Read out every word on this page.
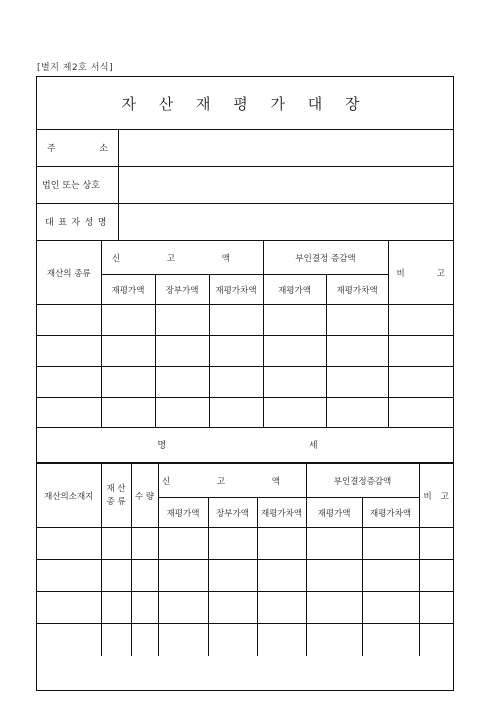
[별지 제2호 서식]
자 산 재 평 가 대 장
주	소
법인 또는 상호
대표자성명
재산의 종류	신 고 액			부인결정 증감액		비 고

	재평가액	장부가액	재평가차액	재평가액	재평가차액	

명 세
재산의소재지	재 산 종 류	수 량	신 고 액			부인결정증감액		비 고

			재평가액	장부가액	재평가차액	재평가액	재평가차액	
